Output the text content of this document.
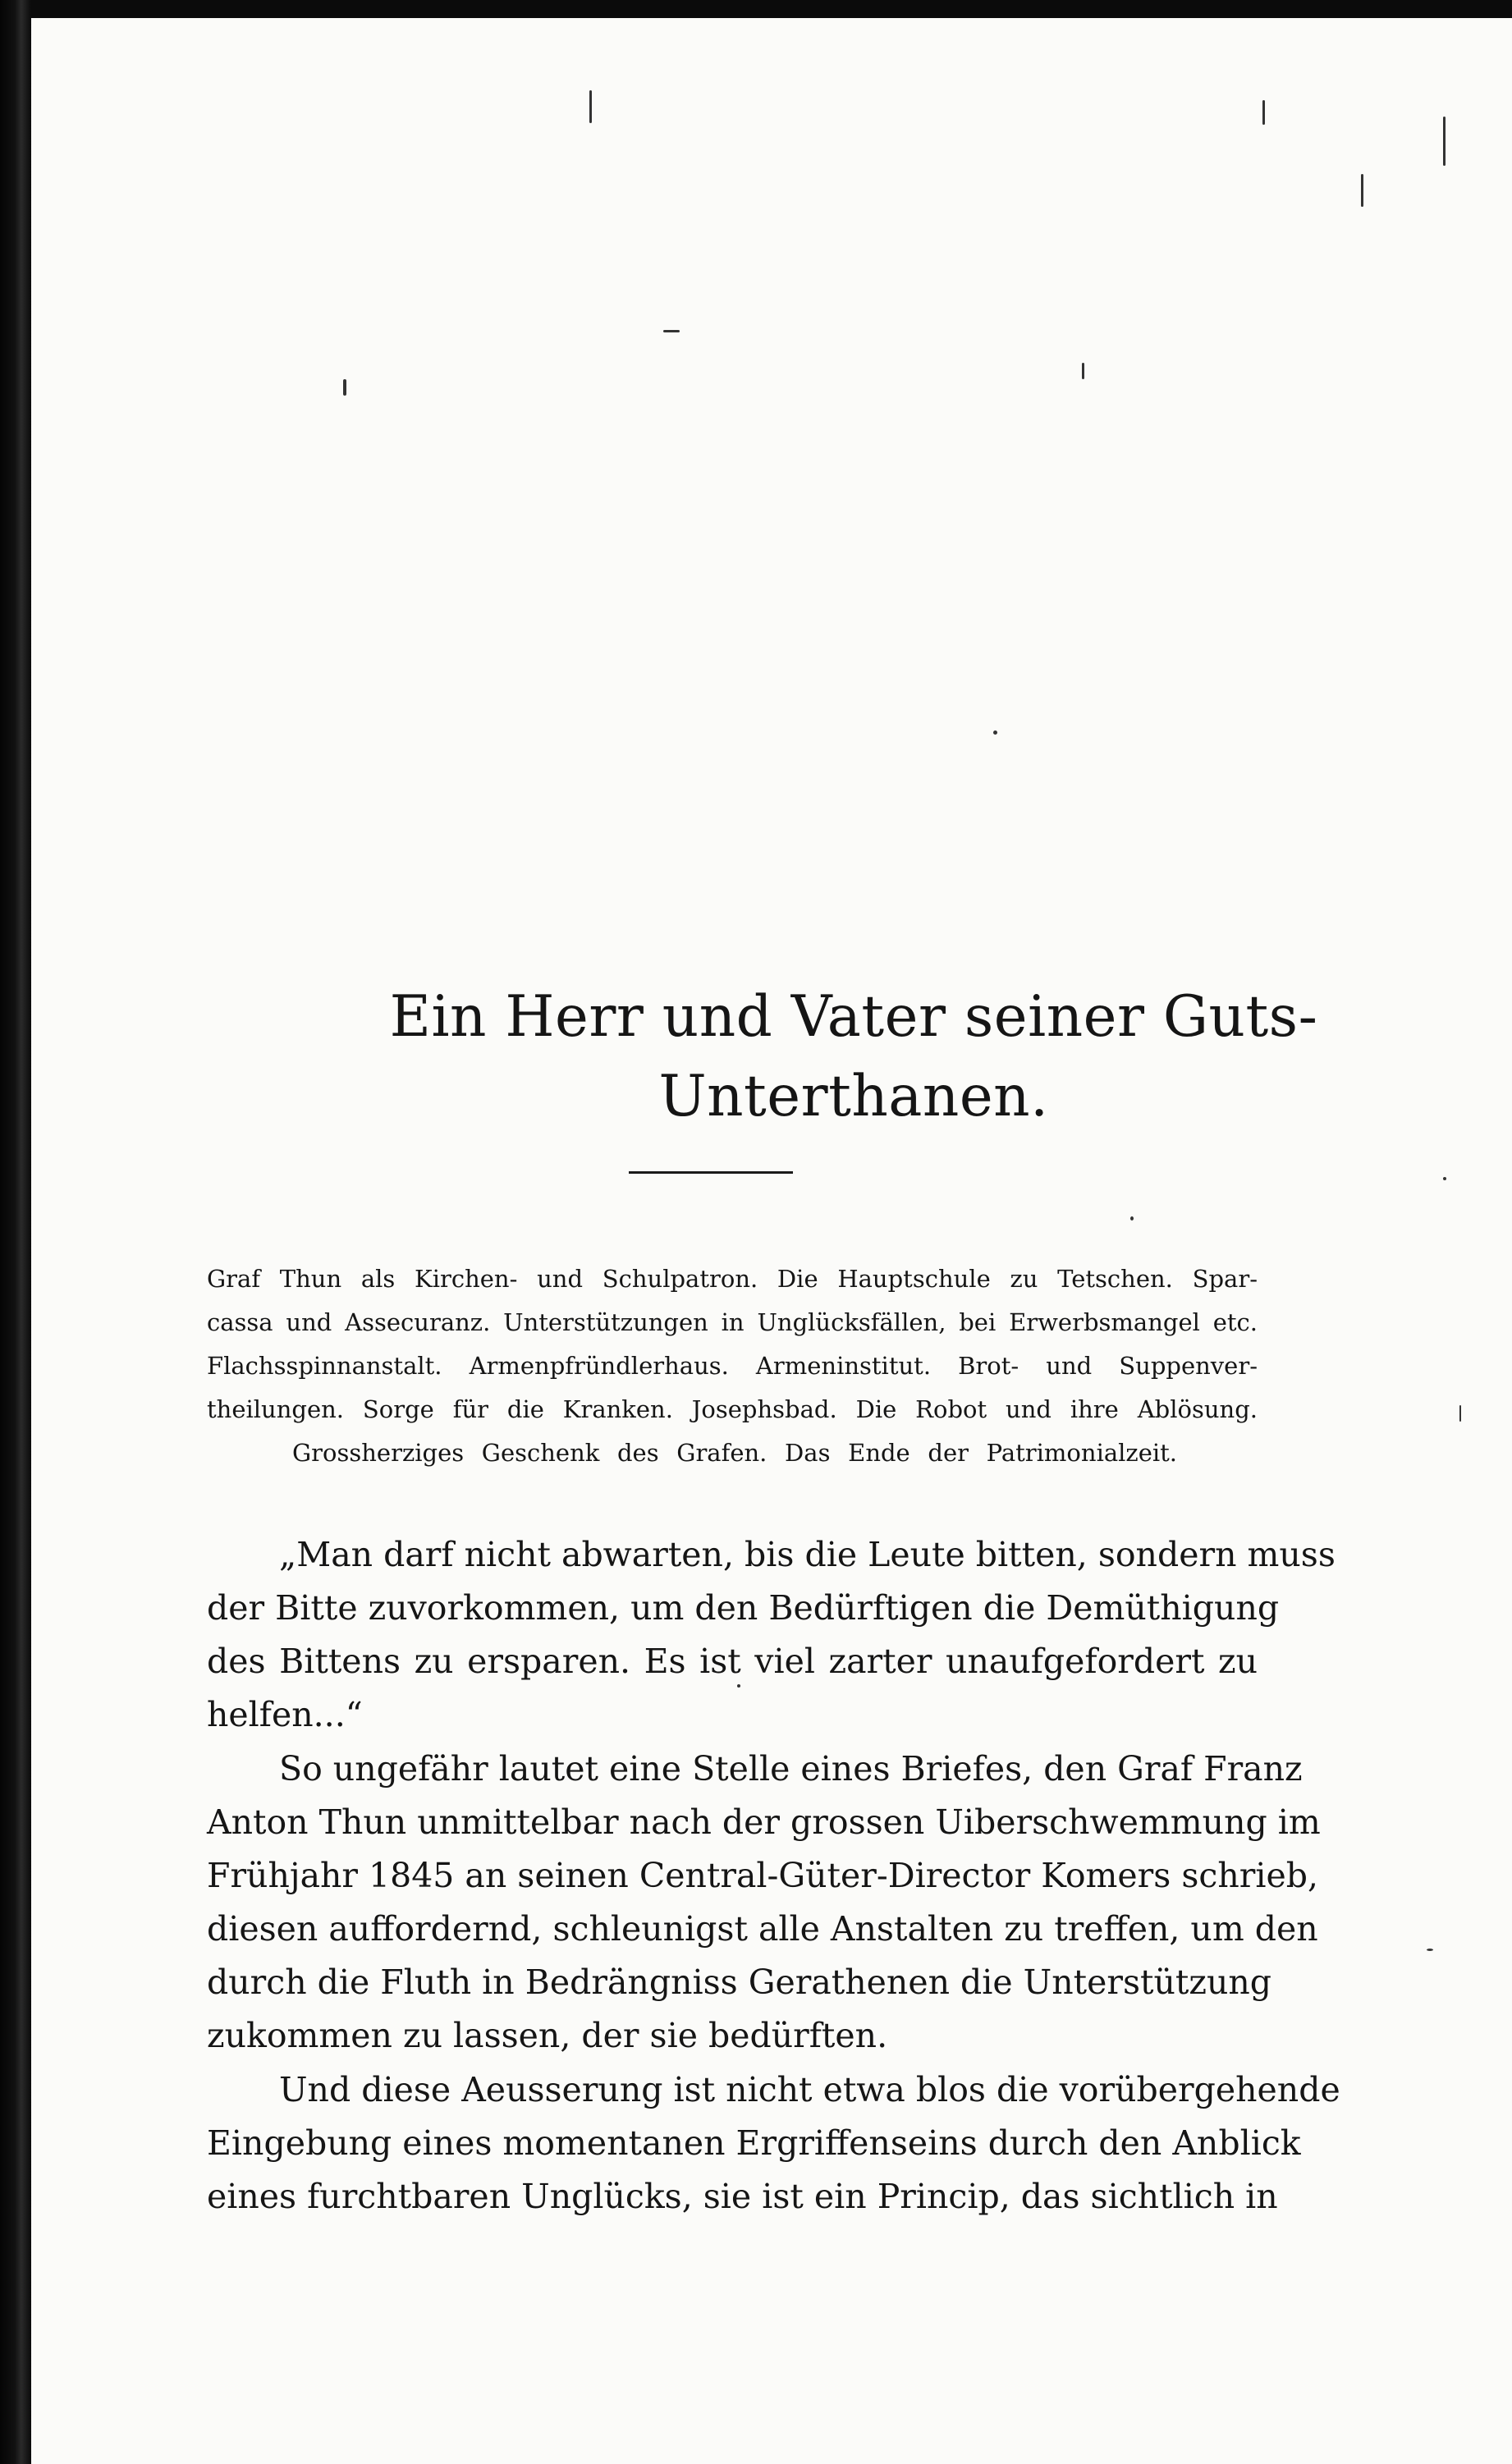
Ein Herr und Vater seiner Guts-
Unterthanen.
Graf Thun als Kirchen- und Schulpatron. Die Hauptschule zu Tetschen. Spar-
cassa und Assecuranz. Unterstützungen in Unglücksfällen, bei Erwerbsmangel etc.
Flachsspinnanstalt. Armenpfründlerhaus. Armeninstitut. Brot- und Suppenver-
theilungen. Sorge für die Kranken. Josephsbad. Die Robot und ihre Ablösung.
Grossherziges Geschenk des Grafen. Das Ende der Patrimonialzeit.
„Man darf nicht abwarten, bis die Leute bitten, sondern muss
der Bitte zuvorkommen, um den Bedürftigen die Demüthigung
des Bittens zu ersparen. Es ist viel zarter unaufgefordert zu
helfen...“
So ungefähr lautet eine Stelle eines Briefes, den Graf Franz
Anton Thun unmittelbar nach der grossen Uiberschwemmung im
Frühjahr 1845 an seinen Central-Güter-Director Komers schrieb,
diesen auffordernd, schleunigst alle Anstalten zu treffen, um den
durch die Fluth in Bedrängniss Gerathenen die Unterstützung
zukommen zu lassen, der sie bedürften.
Und diese Aeusserung ist nicht etwa blos die vorübergehende
Eingebung eines momentanen Ergriffenseins durch den Anblick
eines furchtbaren Unglücks, sie ist ein Princip, das sichtlich in
